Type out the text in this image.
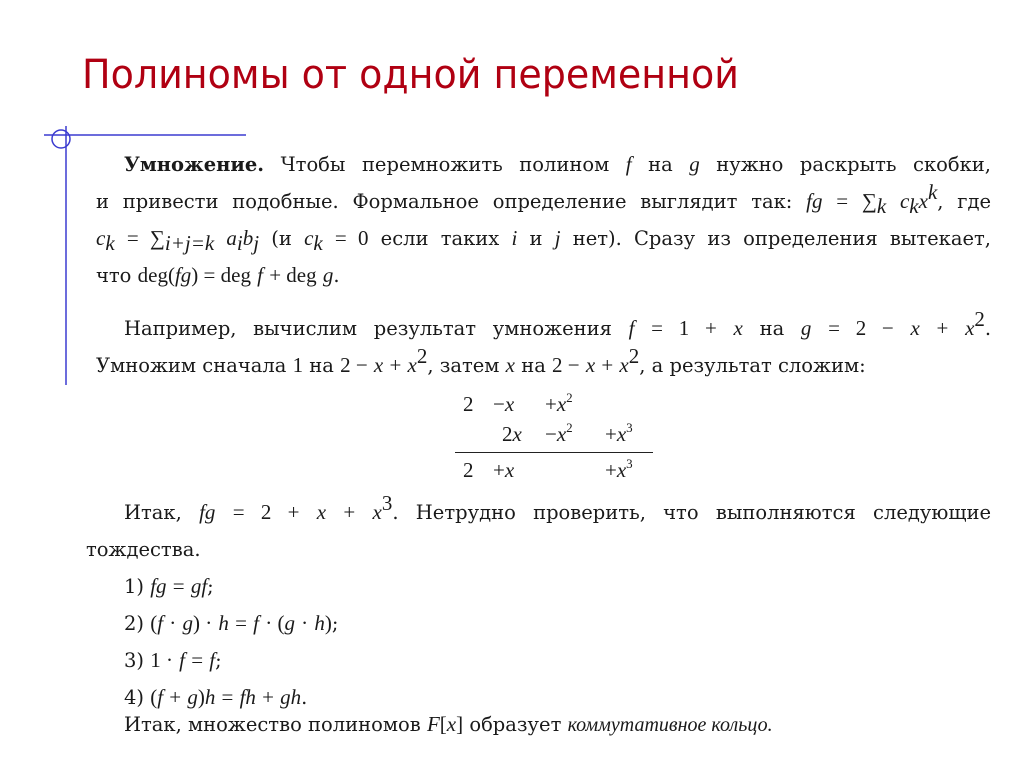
Полиномы от одной переменной
Умножение. Чтобы перемножить полином f на g нужно раскрыть скобки,
и привести подобные. Формальное определение выглядит так: fg = $\sum_k$ $c_kx^k$, где
$c_k = \sum_{i+j=k}$ $a_ib_j$ (и $c_k = 0$ если таких i и j нет). Сразу из определения вытекает,
что deg(fg) = deg f + deg g.
Например, вычислим результат умножения f = 1 + x на $g = 2 - x + x^2$.
Умножим сначала 1 на $2 - x + x^2$, затем x на $2 - x + x^2$, а результат сложим:
$2 -x +x^2$
$2x -x^2 +x^3$
2 +x	$+x^3$
Итак, fg = $2 + x + x^3$. Нетрудно проверить, что выполняются следующие
тождества.
1) fg = gf;
2) (f · g) · h = f · (g · h);
3) 1 · f = f;
4) (f + g)h = fh + gh.
Итак, множество полиномов F[x] образует коммутативное кольцо.
